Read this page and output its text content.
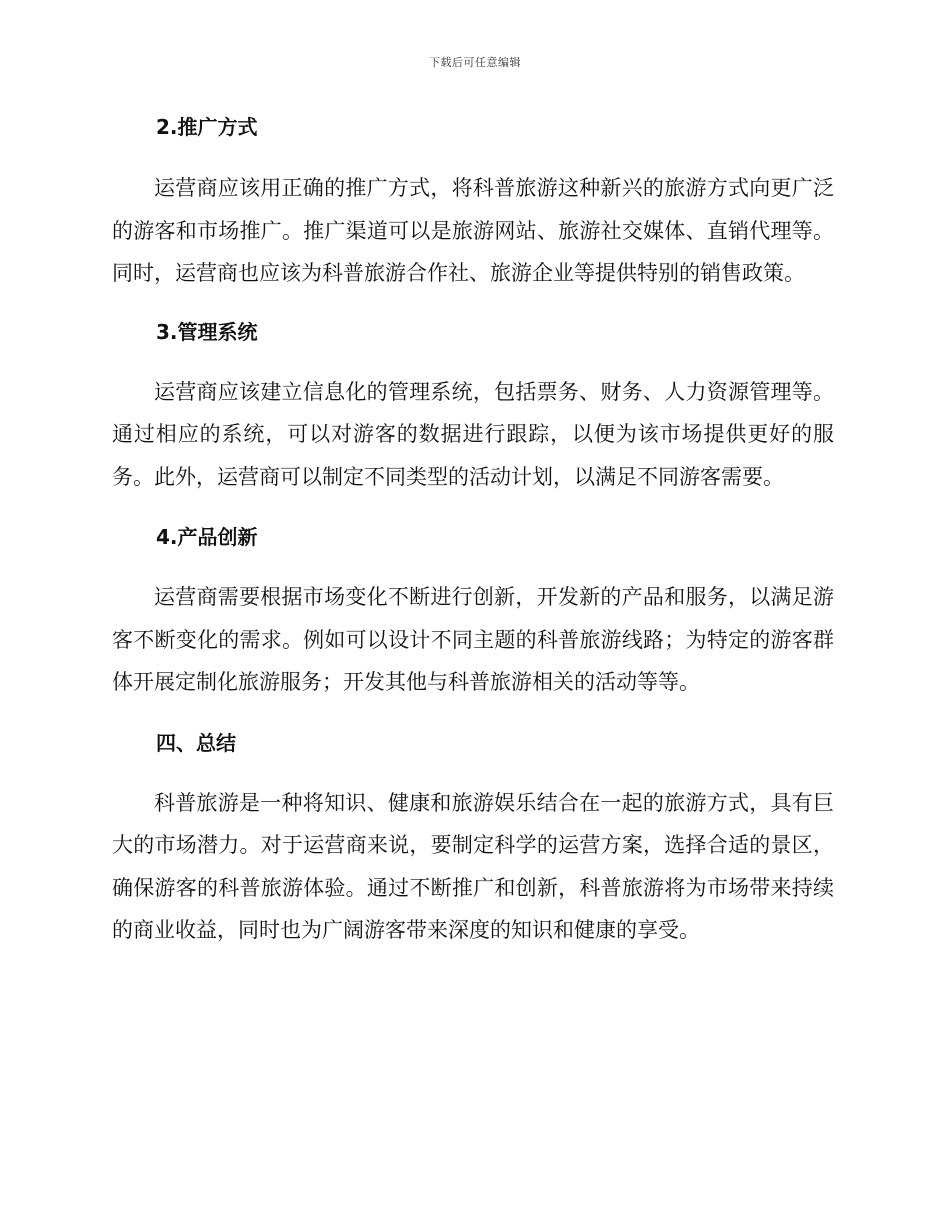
下载后可任意编辑
2.推广方式

运营商应该用正确的推广方式，将科普旅游这种新兴的旅游方式向更广泛的游客和市场推广。推广渠道可以是旅游网站、旅游社交媒体、直销代理等。同时，运营商也应该为科普旅游合作社、旅游企业等提供特别的销售政策。

3.管理系统

运营商应该建立信息化的管理系统，包括票务、财务、人力资源管理等。通过相应的系统，可以对游客的数据进行跟踪，以便为该市场提供更好的服务。此外，运营商可以制定不同类型的活动计划，以满足不同游客需要。

4.产品创新

运营商需要根据市场变化不断进行创新，开发新的产品和服务，以满足游客不断变化的需求。例如可以设计不同主题的科普旅游线路；为特定的游客群体开展定制化旅游服务；开发其他与科普旅游相关的活动等等。

四、总结

科普旅游是一种将知识、健康和旅游娱乐结合在一起的旅游方式，具有巨大的市场潜力。对于运营商来说，要制定科学的运营方案，选择合适的景区，确保游客的科普旅游体验。通过不断推广和创新，科普旅游将为市场带来持续的商业收益，同时也为广阔游客带来深度的知识和健康的享受。
